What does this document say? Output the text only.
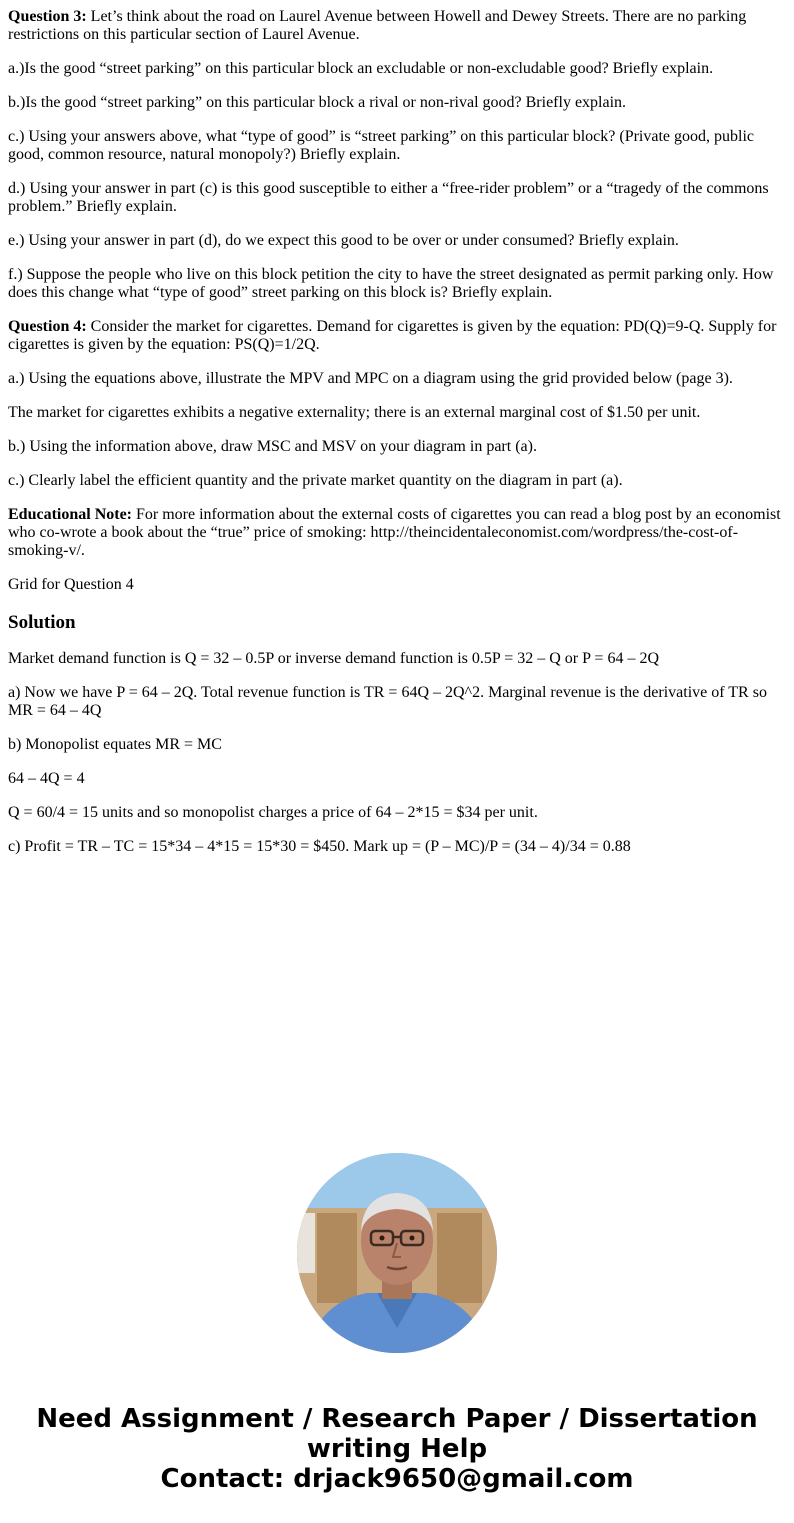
Question 3: Let’s think about the road on Laurel Avenue between Howell and Dewey Streets. There are no parking restrictions on this particular section of Laurel Avenue.

a.)Is the good “street parking” on this particular block an excludable or non-excludable good? Briefly explain.

b.)Is the good “street parking” on this particular block a rival or non-rival good? Briefly explain.

c.) Using your answers above, what “type of good” is “street parking” on this particular block? (Private good, public good, common resource, natural monopoly?) Briefly explain.

d.) Using your answer in part (c) is this good susceptible to either a “free-rider problem” or a “tragedy of the commons problem.” Briefly explain.

e.) Using your answer in part (d), do we expect this good to be over or under consumed? Briefly explain.

f.) Suppose the people who live on this block petition the city to have the street designated as permit parking only. How does this change what “type of good” street parking on this block is? Briefly explain.

Question 4: Consider the market for cigarettes. Demand for cigarettes is given by the equation: PD(Q)=9-Q. Supply for cigarettes is given by the equation: PS(Q)=1/2Q.

a.) Using the equations above, illustrate the MPV and MPC on a diagram using the grid provided below (page 3).

The market for cigarettes exhibits a negative externality; there is an external marginal cost of $1.50 per unit.

b.) Using the information above, draw MSC and MSV on your diagram in part (a).

c.) Clearly label the efficient quantity and the private market quantity on the diagram in part (a).

Educational Note: For more information about the external costs of cigarettes you can read a blog post by an economist who co-wrote a book about the “true” price of smoking: http://theincidentaleconomist.com/wordpress/the-cost-of-smoking-v/.

Grid for Question 4

Solution

Market demand function is Q = 32 – 0.5P or inverse demand function is 0.5P = 32 – Q or P = 64 – 2Q

a) Now we have P = 64 – 2Q. Total revenue function is TR = 64Q – 2Q^2. Marginal revenue is the derivative of TR so MR = 64 – 4Q

b) Monopolist equates MR = MC

64 – 4Q = 4

Q = 60/4 = 15 units and so monopolist charges a price of 64 – 2*15 = $34 per unit.

c) Profit = TR – TC = 15*34 – 4*15 = 15*30 = $450. Mark up = (P – MC)/P = (34 – 4)/34 = 0.88

Need Assignment / Research Paper / Dissertation
writing Help
Contact: drjack9650@gmail.com
